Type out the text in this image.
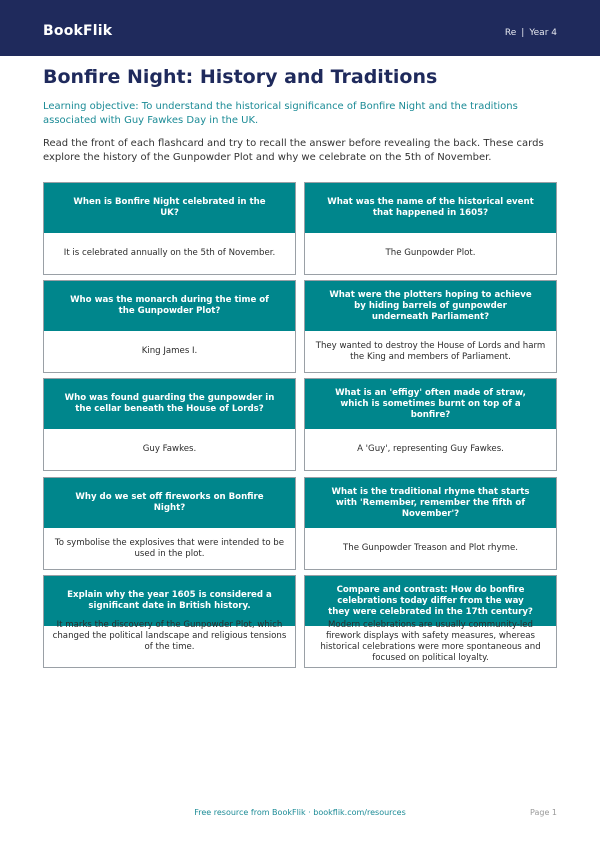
BookFlik	Re | Year 4
Bonfire Night: History and Traditions
Learning objective: To understand the historical significance of Bonfire Night and the traditions associated with Guy Fawkes Day in the UK.
Read the front of each flashcard and try to recall the answer before revealing the back. These cards explore the history of the Gunpowder Plot and why we celebrate on the 5th of November.
When is Bonfire Night celebrated in the UK?
It is celebrated annually on the 5th of November.
What was the name of the historical event that happened in 1605?
The Gunpowder Plot.
Who was the monarch during the time of the Gunpowder Plot?
King James I.
What were the plotters hoping to achieve by hiding barrels of gunpowder underneath Parliament?
They wanted to destroy the House of Lords and harm the King and members of Parliament.
Who was found guarding the gunpowder in the cellar beneath the House of Lords?
Guy Fawkes.
What is an 'effigy' often made of straw, which is sometimes burnt on top of a bonfire?
A 'Guy', representing Guy Fawkes.
Why do we set off fireworks on Bonfire Night?
To symbolise the explosives that were intended to be used in the plot.
What is the traditional rhyme that starts with 'Remember, remember the fifth of November'?
The Gunpowder Treason and Plot rhyme.
Explain why the year 1605 is considered a significant date in British history.
It marks the discovery of the Gunpowder Plot, which changed the political landscape and religious tensions of the time.
Compare and contrast: How do bonfire celebrations today differ from the way they were celebrated in the 17th century?
Modern celebrations are usually community-led firework displays with safety measures, whereas historical celebrations were more spontaneous and focused on political loyalty.
Free resource from BookFlik · bookflik.com/resources	Page 1
